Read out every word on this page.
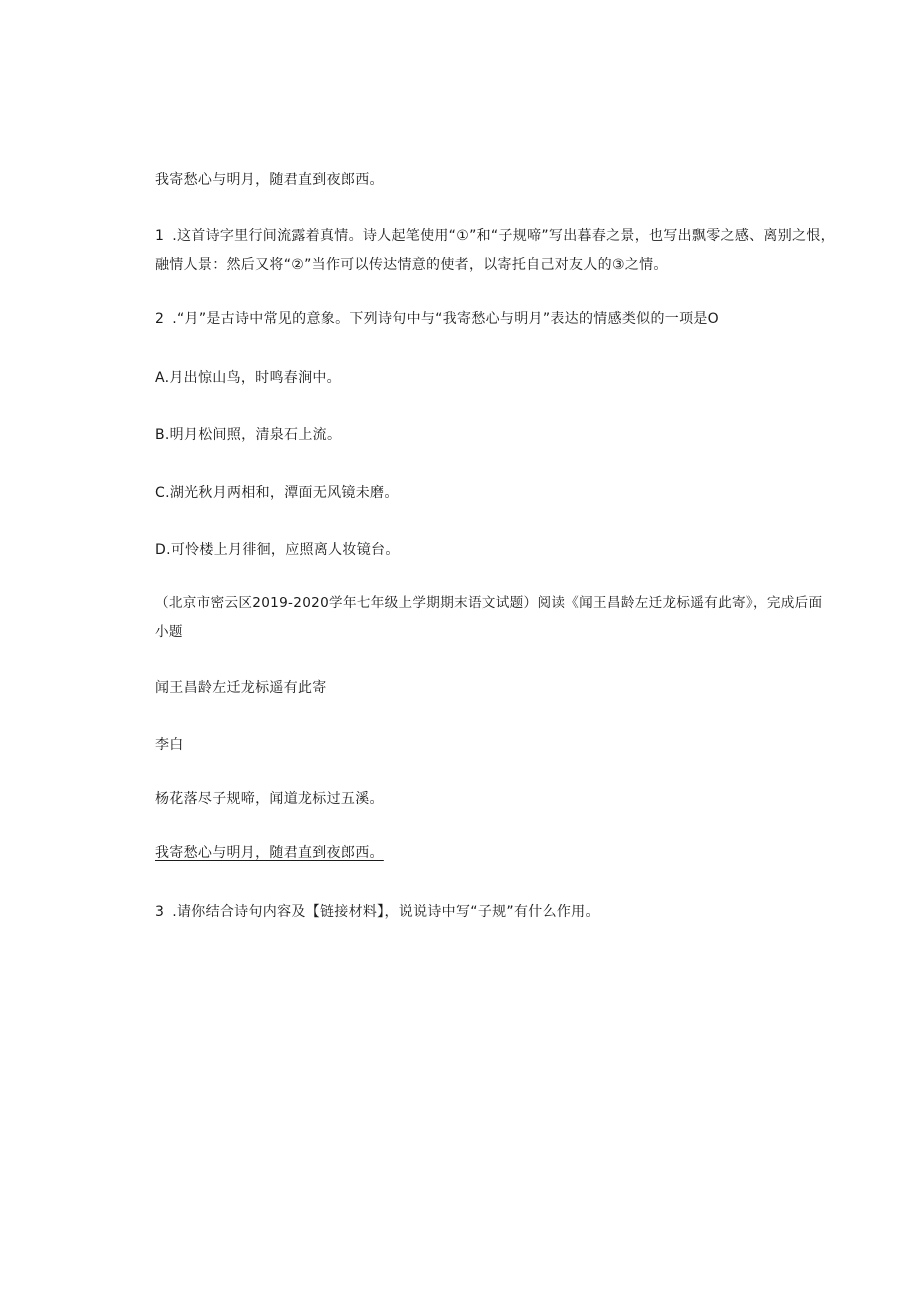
我寄愁心与明月，随君直到夜郎西。
1 .这首诗字里行间流露着真情。诗人起笔使用“①”和“子规啼”写出暮春之景，也写出飘零之感、离别之恨，融情人景：然后又将“②”当作可以传达情意的使者，以寄托自己对友人的③之情。
2 .“月”是古诗中常见的意象。下列诗句中与“我寄愁心与明月”表达的情感类似的一项是O
A.月出惊山鸟，时鸣春涧中。
B.明月松间照，清泉石上流。
C.湖光秋月两相和，潭面无风镜未磨。
D.可怜楼上月徘徊，应照离人妆镜台。
（北京市密云区2019-2020学年七年级上学期期末语文试题）阅读《闻王昌龄左迁龙标遥有此寄》，完成后面小题
闻王昌龄左迁龙标遥有此寄
李白
杨花落尽子规啼，闻道龙标过五溪。
我寄愁心与明月，随君直到夜郎西。
3 .请你结合诗句内容及【链接材料】，说说诗中写“子规”有什么作用。
